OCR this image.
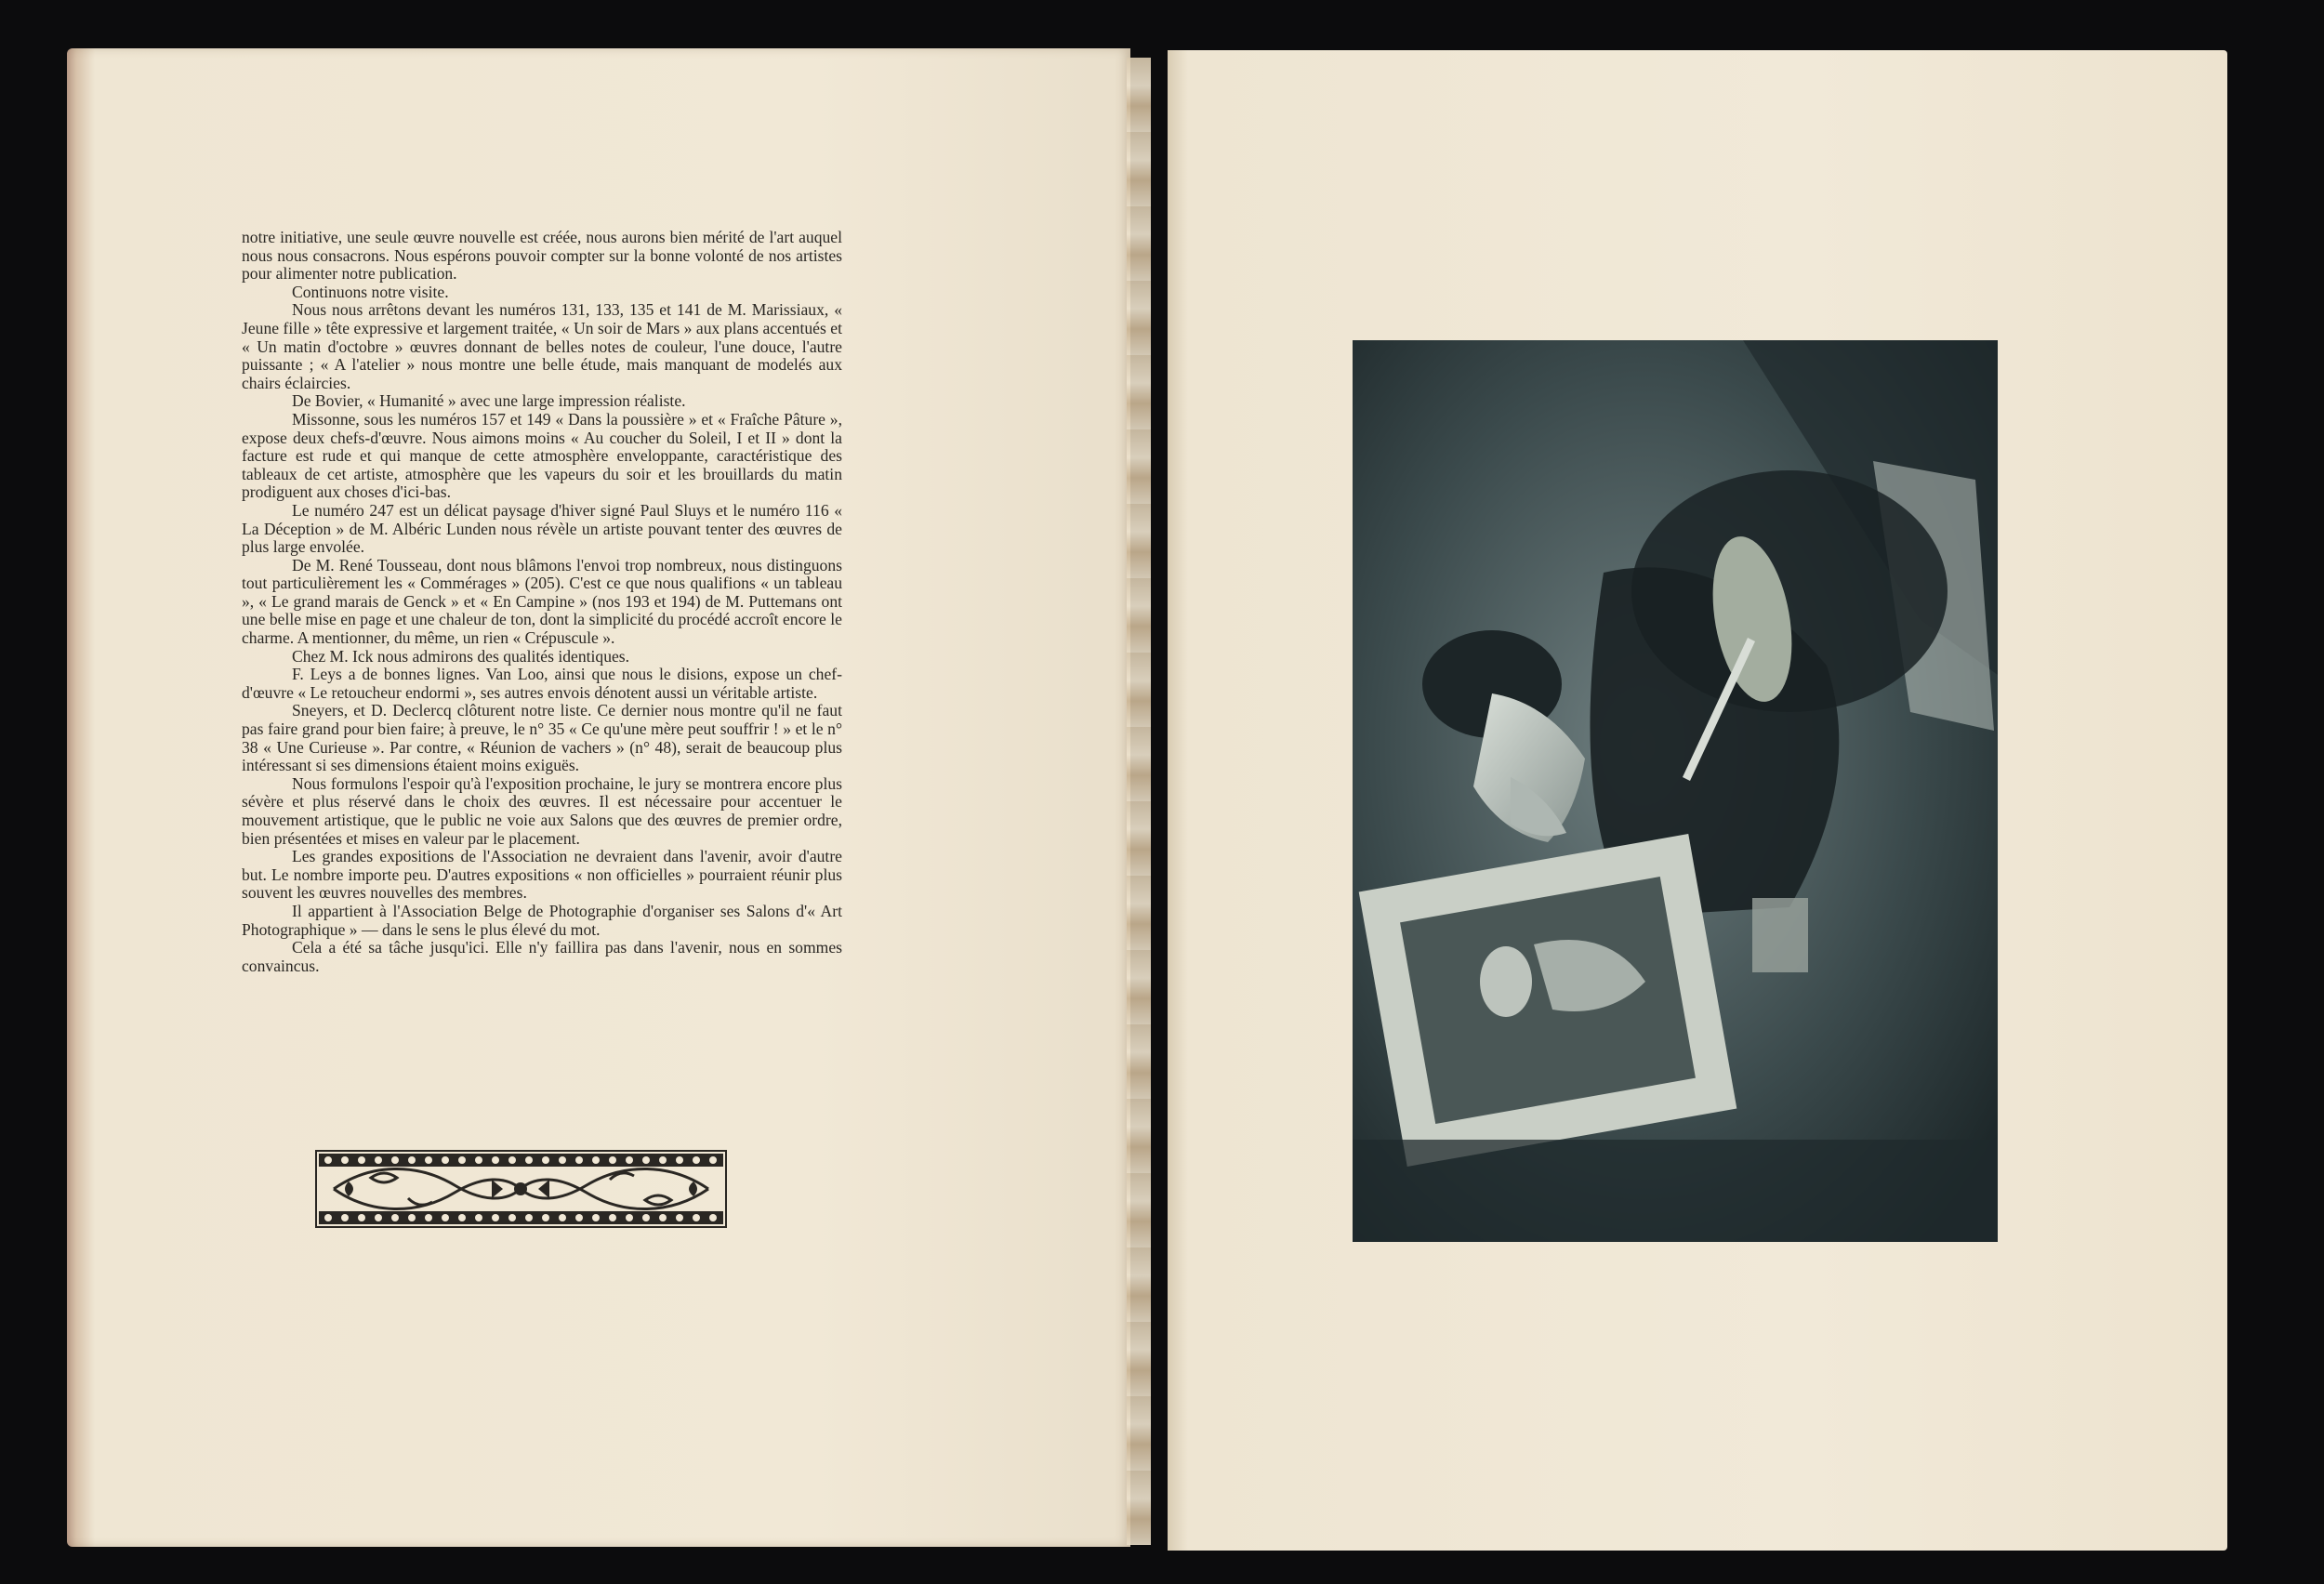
notre initiative, une seule œuvre nouvelle est créée, nous aurons bien mérité de l'art auquel nous nous consacrons. Nous espérons pouvoir compter sur la bonne volonté de nos artistes pour alimenter notre publication.

Continuons notre visite.

Nous nous arrêtons devant les numéros 131, 133, 135 et 141 de M. Marissiaux, « Jeune fille » tête expressive et largement traitée, « Un soir de Mars » aux plans accentués et « Un matin d'octobre » œuvres donnant de belles notes de couleur, l'une douce, l'autre puissante ; « A l'atelier » nous montre une belle étude, mais manquant de modelés aux chairs éclaircies.

De Bovier, « Humanité » avec une large impression réaliste.

Missonne, sous les numéros 157 et 149 « Dans la poussière » et « Fraîche Pâture », expose deux chefs-d'œuvre. Nous aimons moins « Au coucher du Soleil, I et II » dont la facture est rude et qui manque de cette atmosphère enveloppante, caractéristique des tableaux de cet artiste, atmosphère que les vapeurs du soir et les brouillards du matin prodiguent aux choses d'ici-bas.

Le numéro 247 est un délicat paysage d'hiver signé Paul Sluys et le numéro 116 « La Déception » de M. Albéric Lunden nous révèle un artiste pouvant tenter des œuvres de plus large envolée.

De M. René Tousseau, dont nous blâmons l'envoi trop nombreux, nous distinguons tout particulièrement les « Commérages » (205). C'est ce que nous qualifions « un tableau », « Le grand marais de Genck » et « En Campine » (nos 193 et 194) de M. Puttemans ont une belle mise en page et une chaleur de ton, dont la simplicité du procédé accroît encore le charme. A mentionner, du même, un rien « Crépuscule ».

Chez M. Ick nous admirons des qualités identiques.

F. Leys a de bonnes lignes. Van Loo, ainsi que nous le disions, expose un chef-d'œuvre « Le retoucheur endormi », ses autres envois dénotent aussi un véritable artiste.

Sneyers, et D. Declercq clôturent notre liste. Ce dernier nous montre qu'il ne faut pas faire grand pour bien faire; à preuve, le n° 35 « Ce qu'une mère peut souffrir ! » et le n° 38 « Une Curieuse ». Par contre, « Réunion de vachers » (n° 48), serait de beaucoup plus intéressant si ses dimensions étaient moins exiguës.

Nous formulons l'espoir qu'à l'exposition prochaine, le jury se montrera encore plus sévère et plus réservé dans le choix des œuvres. Il est nécessaire pour accentuer le mouvement artistique, que le public ne voie aux Salons que des œuvres de premier ordre, bien présentées et mises en valeur par le placement.

Les grandes expositions de l'Association ne devraient dans l'avenir, avoir d'autre but. Le nombre importe peu. D'autres expositions « non officielles » pourraient réunir plus souvent les œuvres nouvelles des membres.

Il appartient à l'Association Belge de Photographie d'organiser ses Salons d'« Art Photographique » — dans le sens le plus élevé du mot.

Cela a été sa tâche jusqu'ici. Elle n'y faillira pas dans l'avenir, nous en sommes convaincus.
